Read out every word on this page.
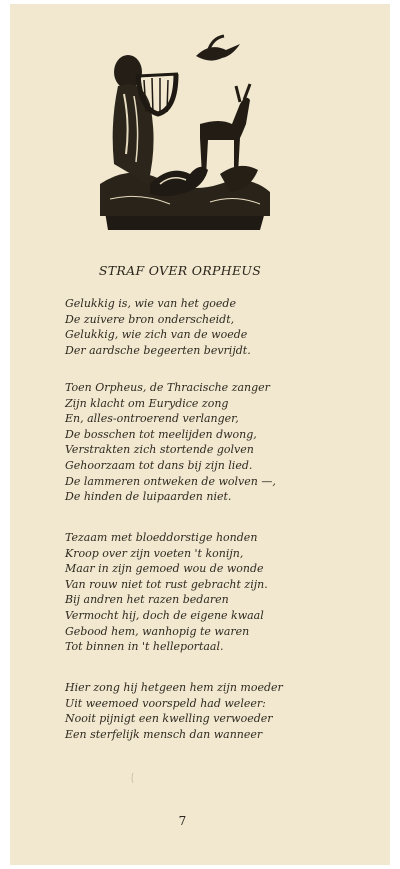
STRAF OVER ORPHEUS

Gelukkig is, wie van het goede

De zuivere bron onderscheidt,

Gelukkig, wie zich van de woede

Der aardsche begeerten bevrijdt.

Toen Orpheus, de Thracische zanger

Zijn klacht om Eurydice zong

En, alles-ontroerend verlanger,

De bosschen tot meelijden dwong,

Verstrakten zich stortende golven

Gehoorzaam tot dans bij zijn lied.

De lammeren ontweken de wolven —,

De hinden de luipaarden niet.

Tezaam met bloeddorstige honden

Kroop over zijn voeten 't konijn,

Maar in zijn gemoed wou de wonde

Van rouw niet tot rust gebracht zijn.

Bij andren het razen bedaren

Vermocht hij, doch de eigene kwaal

Gebood hem, wanhopig te waren

Tot binnen in 't helleportaal.

Hier zong hij hetgeen hem zijn moeder

Uit weemoed voorspeld had weleer:

Nooit pijnigt een kwelling verwoeder

Een sterfelijk mensch dan wanneer

7
